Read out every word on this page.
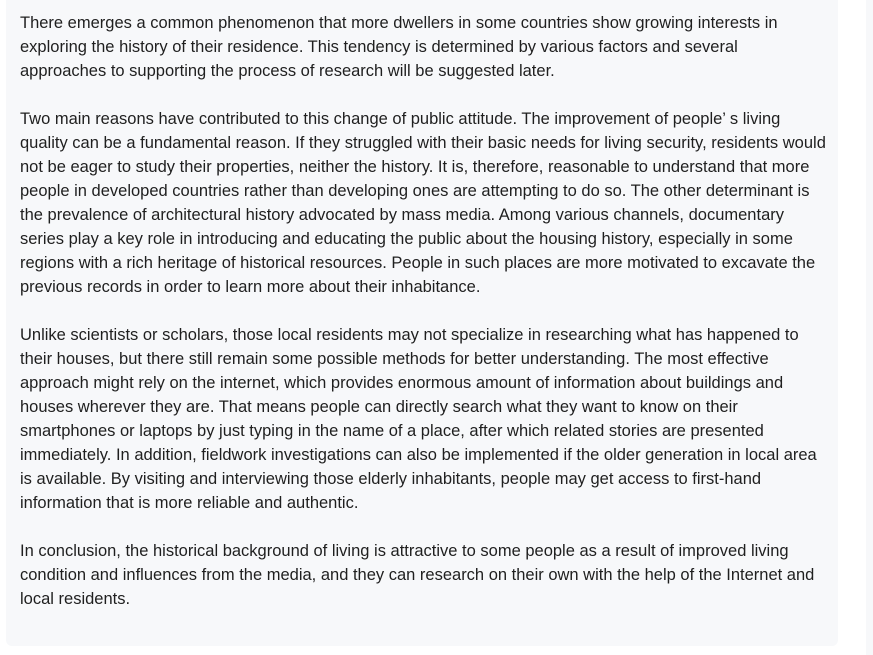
There emerges a common phenomenon that more dwellers in some countries show growing interests in exploring the history of their residence. This tendency is determined by various factors and several approaches to supporting the process of research will be suggested later.

Two main reasons have contributed to this change of public attitude. The improvement of people’ s living quality can be a fundamental reason. If they struggled with their basic needs for living security, residents would not be eager to study their properties, neither the history. It is, therefore, reasonable to understand that more people in developed countries rather than developing ones are attempting to do so. The other determinant is the prevalence of architectural history advocated by mass media. Among various channels, documentary series play a key role in introducing and educating the public about the housing history, especially in some regions with a rich heritage of historical resources. People in such places are more motivated to excavate the previous records in order to learn more about their inhabitance.

Unlike scientists or scholars, those local residents may not specialize in researching what has happened to their houses, but there still remain some possible methods for better understanding. The most effective approach might rely on the internet, which provides enormous amount of information about buildings and houses wherever they are. That means people can directly search what they want to know on their smartphones or laptops by just typing in the name of a place, after which related stories are presented immediately. In addition, fieldwork investigations can also be implemented if the older generation in local area is available. By visiting and interviewing those elderly inhabitants, people may get access to first-hand information that is more reliable and authentic.

In conclusion, the historical background of living is attractive to some people as a result of improved living condition and influences from the media, and they can research on their own with the help of the Internet and local residents.
